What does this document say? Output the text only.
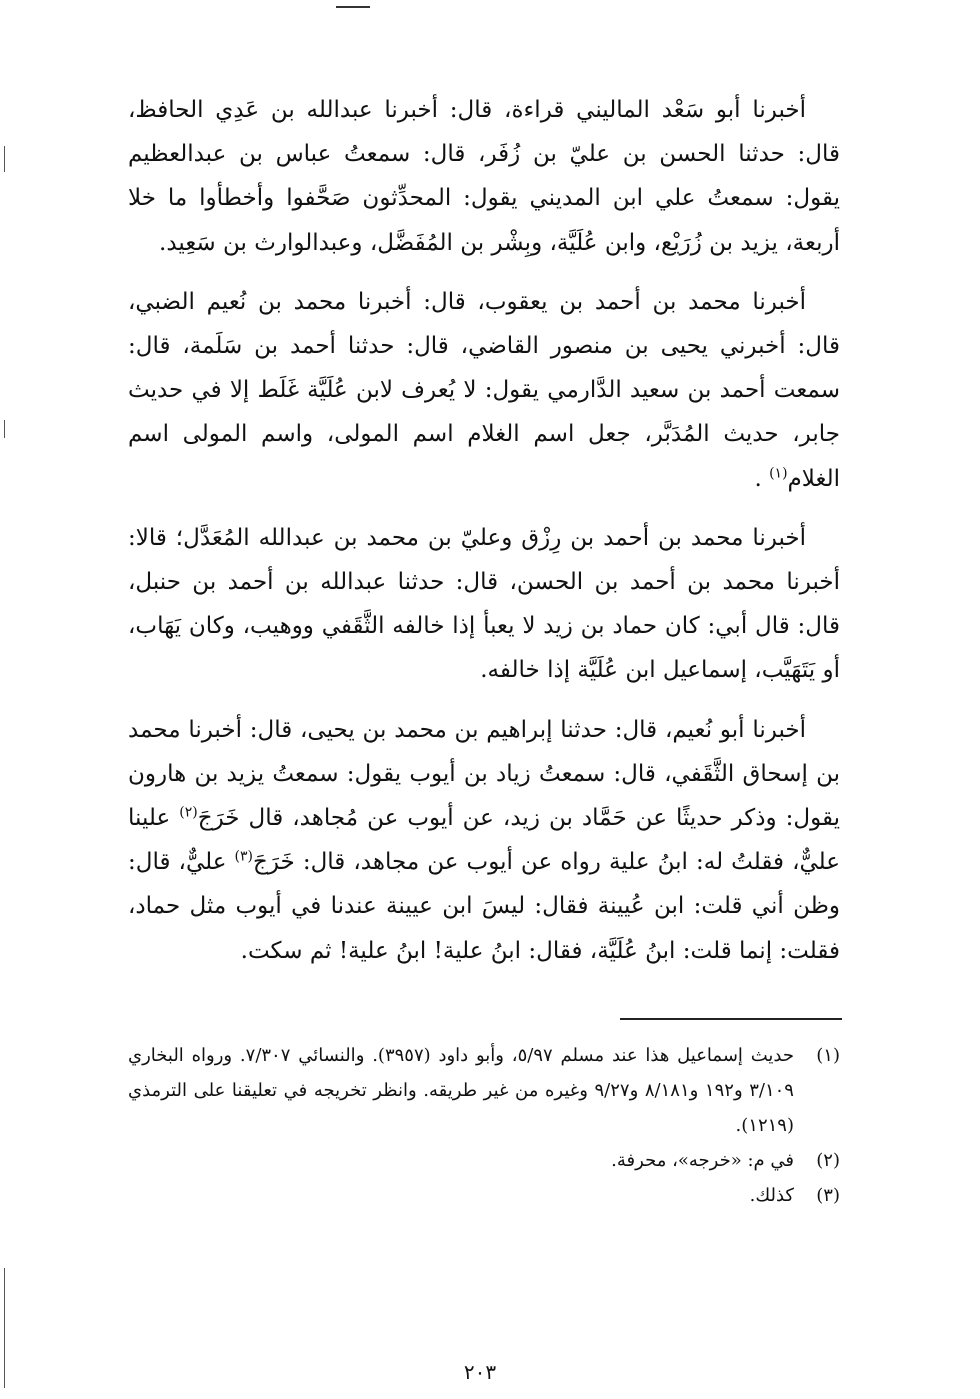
أخبرنا أبو سَعْد الماليني قراءة، قال: أخبرنا عبدالله بن عَدِي الحافظ، قال: حدثنا الحسن بن عليّ بن زُفَر، قال: سمعتُ عباس بن عبدالعظيم يقول: سمعتُ علي ابن المديني يقول: المحدِّثون صَحَّفوا وأخطأوا ما خلا أربعة، يزيد بن زُرَيْع، وابن عُلَيَّة، وبِشْر بن المُفَضَّل، وعبدالوارث بن سَعِيد.

أخبرنا محمد بن أحمد بن يعقوب، قال: أخبرنا محمد بن نُعيم الضبي، قال: أخبرني يحيى بن منصور القاضي، قال: حدثنا أحمد بن سَلَمة، قال: سمعت أحمد بن سعيد الدَّارمي يقول: لا يُعرف لابن عُلَيَّة غَلَط إلا في حديث جابر، حديث المُدَبَّر، جعل اسم الغلام اسم المولى، واسم المولى اسم الغلام$^{(١)}$ .

أخبرنا محمد بن أحمد بن رِزْق وعليّ بن محمد بن عبدالله المُعَدَّل؛ قالا: أخبرنا محمد بن أحمد بن الحسن، قال: حدثنا عبدالله بن أحمد بن حنبل، قال: قال أبي: كان حماد بن زيد لا يعبأ إذا خالفه الثَّقَفي ووهيب، وكان يَهَاب، أو يَتَهَيَّب، إسماعيل ابن عُلَيَّة إذا خالفه.

أخبرنا أبو نُعيم، قال: حدثنا إبراهيم بن محمد بن يحيى، قال: أخبرنا محمد بن إسحاق الثَّقَفي، قال: سمعتُ زياد بن أيوب يقول: سمعتُ يزيد بن هارون يقول: وذكر حديثًا عن حَمَّاد بن زيد، عن أيوب عن مُجاهد، قال خَرَجَ$^{(٢)}$ علينا عليٌّ، فقلتُ له: ابنُ علية رواه عن أيوب عن مجاهد، قال: خَرَجَ$^{(٣)}$ عليٌّ، قال: وظن أني قلت: ابن عُيينة فقال: ليسَ ابن عيينة عندنا في أيوب مثل حماد، فقلت: إنما قلت: ابنُ عُلَيَّة، فقال: ابنُ علية! ابنُ علية! ثم سكت.

(١)
حديث إسماعيل هذا عند مسلم ٥/٩٧، وأبو داود (٣٩٥٧). والنسائي ٧/٣٠٧. ورواه البخاري ٣/١٠٩ و١٩٢ و٨/١٨١ و٩/٢٧ وغيره من غير طريقه. وانظر تخريجه في تعليقنا على الترمذي (١٢١٩).
(٢)
في م: «خرجه»، محرفة.
(٣)
كذلك.
٢٠٣
